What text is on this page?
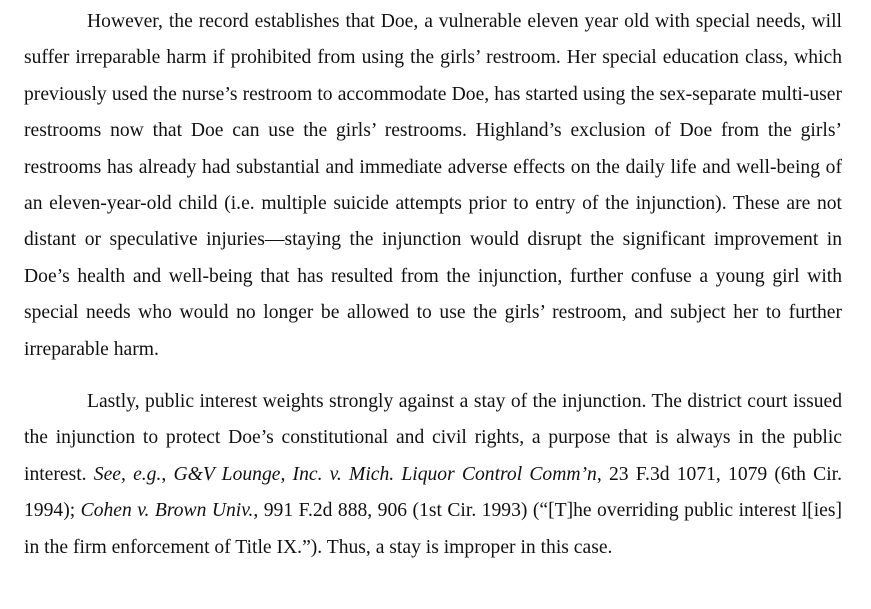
However, the record establishes that Doe, a vulnerable eleven year old with special needs, will suffer irreparable harm if prohibited from using the girls’ restroom. Her special education class, which previously used the nurse’s restroom to accommodate Doe, has started using the sex-separate multi-user restrooms now that Doe can use the girls’ restrooms. Highland’s exclusion of Doe from the girls’ restrooms has already had substantial and immediate adverse effects on the daily life and well-being of an eleven-year-old child (i.e. multiple suicide attempts prior to entry of the injunction). These are not distant or speculative injuries—staying the injunction would disrupt the significant improvement in Doe’s health and well-being that has resulted from the injunction, further confuse a young girl with special needs who would no longer be allowed to use the girls’ restroom, and subject her to further irreparable harm.

Lastly, public interest weights strongly against a stay of the injunction. The district court issued the injunction to protect Doe’s constitutional and civil rights, a purpose that is always in the public interest. See, e.g., G&V Lounge, Inc. v. Mich. Liquor Control Comm’n, 23 F.3d 1071, 1079 (6th Cir. 1994); Cohen v. Brown Univ., 991 F.2d 888, 906 (1st Cir. 1993) (“[T]he overriding public interest l[ies] in the firm enforcement of Title IX.”). Thus, a stay is improper in this case.
